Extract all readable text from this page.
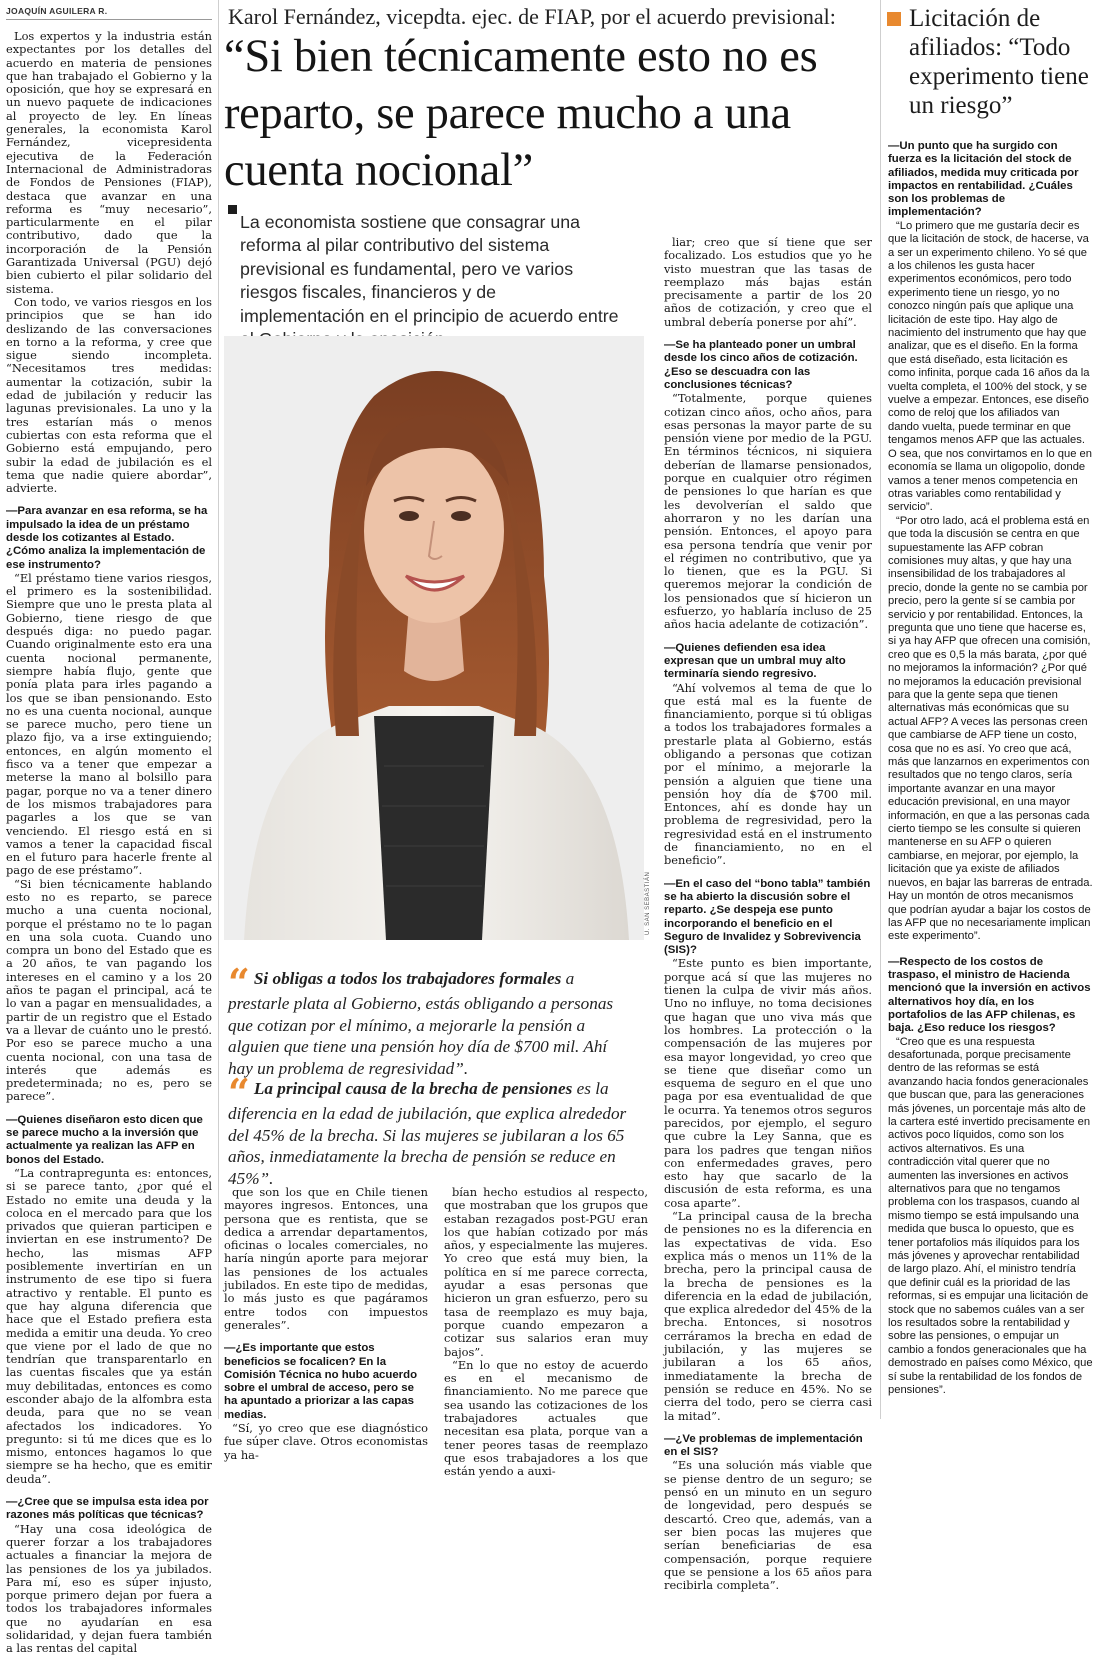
JOAQUÍN AGUILERA R.

Los expertos y la industria están expectantes por los detalles del acuerdo en materia de pensiones que han trabajado el Gobierno y la oposición, que hoy se expresará en un nuevo paquete de indicaciones al proyecto de ley. En líneas generales, la economista Karol Fernández, vicepresidenta ejecutiva de la Federación Internacional de Administradoras de Fondos de Pensiones (FIAP), destaca que avanzar en una reforma es “muy necesario”, particularmente en el pilar contributivo, dado que la incorporación de la Pensión Garantizada Universal (PGU) dejó bien cubierto el pilar solidario del sistema.

Con todo, ve varios riesgos en los principios que se han ido deslizando de las conversaciones en torno a la reforma, y cree que sigue siendo incompleta. “Necesitamos tres medidas: aumentar la cotización, subir la edad de jubilación y reducir las lagunas previsionales. La uno y la tres estarían más o menos cubiertas con esta reforma que el Gobierno está empujando, pero subir la edad de jubilación es el tema que nadie quiere abordar”, advierte.

—Para avanzar en esa reforma, se ha impulsado la idea de un préstamo desde los cotizantes al Estado. ¿Cómo analiza la implementación de ese instrumento?

“El préstamo tiene varios riesgos, el primero es la sostenibilidad. Siempre que uno le presta plata al Gobierno, tiene riesgo de que después diga: no puedo pagar. Cuando originalmente esto era una cuenta nocional permanente, siempre había flujo, gente que ponía plata para irles pagando a los que se iban pensionando. Esto no es una cuenta nocional, aunque se parece mucho, pero tiene un plazo fijo, va a irse extinguiendo; entonces, en algún momento el fisco va a tener que empezar a meterse la mano al bolsillo para pagar, porque no va a tener dinero de los mismos trabajadores para pagarles a los que se van venciendo. El riesgo está en si vamos a tener la capacidad fiscal en el futuro para hacerle frente al pago de ese préstamo”.

“Si bien técnicamente hablando esto no es reparto, se parece mucho a una cuenta nocional, porque el préstamo no te lo pagan en una sola cuota. Cuando uno compra un bono del Estado que es a 20 años, te van pagando los intereses en el camino y a los 20 años te pagan el principal, acá te lo van a pagar en mensualidades, a partir de un registro que el Estado va a llevar de cuánto uno le prestó. Por eso se parece mucho a una cuenta nocional, con una tasa de interés que además es predeterminada; no es, pero se parece”.

—Quienes diseñaron esto dicen que se parece mucho a la inversión que actualmente ya realizan las AFP en bonos del Estado.

“La contrapregunta es: entonces, si se parece tanto, ¿por qué el Estado no emite una deuda y la coloca en el mercado para que los privados que quieran participen e inviertan en ese instrumento? De hecho, las mismas AFP posiblemente invertirían en un instrumento de ese tipo si fuera atractivo y rentable. El punto es que hay alguna diferencia que hace que el Estado prefiera esta medida a emitir una deuda. Yo creo que viene por el lado de que no tendrían que transparentarlo en las cuentas fiscales que ya están muy debilitadas, entonces es como esconder abajo de la alfombra esta deuda, para que no se vean afectados los indicadores. Yo pregunto: si tú me dices que es lo mismo, entonces hagamos lo que siempre se ha hecho, que es emitir deuda”.

—¿Cree que se impulsa esta idea por razones más políticas que técnicas?

“Hay una cosa ideológica de querer forzar a los trabajadores actuales a financiar la mejora de las pensiones de los ya jubilados. Para mí, eso es súper injusto, porque primero dejan por fuera a todos los trabajadores informales que no ayudarían en esa solidaridad, y dejan fuera también a las rentas del capital

Karol Fernández, vicepdta. ejec. de FIAP, por el acuerdo previsional:
“Si bien técnicamente esto no es reparto, se parece mucho a una cuenta nocional”
La economista sostiene que consagrar una reforma al pilar contributivo del sistema previsional es fundamental, pero ve varios riesgos fiscales, financieros y de implementación en el principio de acuerdo entre
U. SAN SEBASTIÁN
“ Si obligas a todos los trabajadores formales a prestarle plata al Gobierno, estás obligando a personas que cotizan por el mínimo, a mejorarle la pensión a alguien que tiene una pensión hoy día de $700 mil. Ahí hay un problema de regresividad”.
“ La principal causa de la brecha de pensiones es la diferencia en la edad de jubilación, que explica alrededor del 45% de la brecha. Si las mujeres se jubilaran a los 65 años, inmediatamente la brecha de pensión se reduce en 45%”.

que son los que en Chile tienen mayores ingresos. Entonces, una persona que es rentista, que se dedica a arrendar departamentos, oficinas o locales comerciales, no haría ningún aporte para mejorar las pensiones de los actuales jubilados. En este tipo de medidas, lo más justo es que pagáramos entre todos con impuestos generales”.

—¿Es importante que estos beneficios se focalicen? En la Comisión Técnica no hubo acuerdo sobre el umbral de acceso, pero se ha apuntado a priorizar a las capas medias.

“Sí, yo creo que ese diagnóstico fue súper clave. Otros economistas ya ha-

bían hecho estudios al respecto, que mostraban que los grupos que estaban rezagados post-PGU eran los que habían cotizado por más años, y especialmente las mujeres. Yo creo que está muy bien, la política en sí me parece correcta, ayudar a esas personas que hicieron un gran esfuerzo, pero su tasa de reemplazo es muy baja, porque cuando empezaron a cotizar sus salarios eran muy bajos”.

“En lo que no estoy de acuerdo es en el mecanismo de financiamiento. No me parece que sea usando las cotizaciones de los trabajadores actuales que necesitan esa plata, porque van a tener peores tasas de reemplazo que esos trabajadores a los que están yendo a auxi-

liar; creo que sí tiene que ser focalizado. Los estudios que yo he visto muestran que las tasas de reemplazo más bajas están precisamente a partir de los 20 años de cotización, y creo que el umbral debería ponerse por ahí”.

—Se ha planteado poner un umbral desde los cinco años de cotización. ¿Eso se descuadra con las conclusiones técnicas?

“Totalmente, porque quienes cotizan cinco años, ocho años, para esas personas la mayor parte de su pensión viene por medio de la PGU. En términos técnicos, ni siquiera deberían de llamarse pensionados, porque en cualquier otro régimen de pensiones lo que harían es que les devolverían el saldo que ahorraron y no les darían una pensión. Entonces, el apoyo para esa persona tendría que venir por el régimen no contributivo, que ya lo tienen, que es la PGU. Si queremos mejorar la condición de los pensionados que sí hicieron un esfuerzo, yo hablaría incluso de 25 años hacia adelante de cotización”.

—Quienes defienden esa idea expresan que un umbral muy alto terminaría siendo regresivo.

“Ahí volvemos al tema de que lo que está mal es la fuente de financiamiento, porque si tú obligas a todos los trabajadores formales a prestarle plata al Gobierno, estás obligando a personas que cotizan por el mínimo, a mejorarle la pensión a alguien que tiene una pensión hoy día de $700 mil. Entonces, ahí es donde hay un problema de regresividad, pero la regresividad está en el instrumento de financiamiento, no en el beneficio”.

—En el caso del “bono tabla” también se ha abierto la discusión sobre el reparto. ¿Se despeja ese punto incorporando el beneficio en el Seguro de Invalidez y Sobrevivencia (SIS)?

“Este punto es bien importante, porque acá sí que las mujeres no tienen la culpa de vivir más años. Uno no influye, no toma decisiones que hagan que uno viva más que los hombres. La protección o la compensación de las mujeres por esa mayor longevidad, yo creo que se tiene que diseñar como un esquema de seguro en el que uno paga por esa eventualidad de que le ocurra. Ya tenemos otros seguros parecidos, por ejemplo, el seguro que cubre la Ley Sanna, que es para los padres que tengan niños con enfermedades graves, pero esto hay que sacarlo de la discusión de esta reforma, es una cosa aparte”.

“La principal causa de la brecha de pensiones no es la diferencia en las expectativas de vida. Eso explica más o menos un 11% de la brecha, pero la principal causa de la brecha de pensiones es la diferencia en la edad de jubilación, que explica alrededor del 45% de la brecha. Entonces, si nosotros cerráramos la brecha en edad de jubilación, y las mujeres se jubilaran a los 65 años, inmediatamente la brecha de pensión se reduce en 45%. No se cierra del todo, pero se cierra casi la mitad”.

—¿Ve problemas de implementación en el SIS?

“Es una solución más viable que se piense dentro de un seguro; se pensó en un minuto en un seguro de longevidad, pero después se descartó. Creo que, además, van a ser bien pocas las mujeres que serían beneficiarias de esa compensación, porque requiere que se pensione a los 65 años para recibirla completa”.

Licitación de afiliados: “Todo experimento tiene un riesgo”

—Un punto que ha surgido con fuerza es la licitación del stock de afiliados, medida muy criticada por impactos en rentabilidad. ¿Cuáles son los problemas de implementación?

“Lo primero que me gustaría decir es que la licitación de stock, de hacerse, va a ser un experimento chileno. Yo sé que a los chilenos les gusta hacer experimentos económicos, pero todo experimento tiene un riesgo, yo no conozco ningún país que aplique una licitación de este tipo. Hay algo de nacimiento del instrumento que hay que analizar, que es el diseño. En la forma que está diseñado, esta licitación es como infinita, porque cada 16 años da la vuelta completa, el 100% del stock, y se vuelve a empezar. Entonces, ese diseño como de reloj que los afiliados van dando vuelta, puede terminar en que tengamos menos AFP que las actuales. O sea, que nos convirtamos en lo que en economía se llama un oligopolio, donde vamos a tener menos competencia en otras variables como rentabilidad y servicio”.

“Por otro lado, acá el problema está en que toda la discusión se centra en que supuestamente las AFP cobran comisiones muy altas, y que hay una insensibilidad de los trabajadores al precio, donde la gente no se cambia por precio, pero la gente sí se cambia por servicio y por rentabilidad. Entonces, la pregunta que uno tiene que hacerse es, si ya hay AFP que ofrecen una comisión, creo que es 0,5 la más barata, ¿por qué no mejoramos la información? ¿Por qué no mejoramos la educación previsional para que la gente sepa que tienen alternativas más económicas que su actual AFP? A veces las personas creen que cambiarse de AFP tiene un costo, cosa que no es así. Yo creo que acá, más que lanzarnos en experimentos con resultados que no tengo claros, sería importante avanzar en una mayor educación previsional, en una mayor información, en que a las personas cada cierto tiempo se les consulte si quieren mantenerse en su AFP o quieren cambiarse, en mejorar, por ejemplo, la licitación que ya existe de afiliados nuevos, en bajar las barreras de entrada. Hay un montón de otros mecanismos que podrían ayudar a bajar los costos de las AFP que no necesariamente implican este experimento”.

—Respecto de los costos de traspaso, el ministro de Hacienda mencionó que la inversión en activos alternativos hoy día, en los portafolios de las AFP chilenas, es baja. ¿Eso reduce los riesgos?

“Creo que es una respuesta desafortunada, porque precisamente dentro de las reformas se está avanzando hacia fondos generacionales que buscan que, para las generaciones más jóvenes, un porcentaje más alto de la cartera esté invertido precisamente en activos poco líquidos, como son los activos alternativos. Es una contradicción vital querer que no aumenten las inversiones en activos alternativos para que no tengamos problema con los traspasos, cuando al mismo tiempo se está impulsando una medida que busca lo opuesto, que es tener portafolios más ilíquidos para los más jóvenes y aprovechar rentabilidad de largo plazo. Ahí, el ministro tendría que definir cuál es la prioridad de las reformas, si es empujar una licitación de stock que no sabemos cuáles van a ser los resultados sobre la rentabilidad y sobre las pensiones, o empujar un cambio a fondos generacionales que ha demostrado en países como México, que sí sube la rentabilidad de los fondos de pensiones”.
